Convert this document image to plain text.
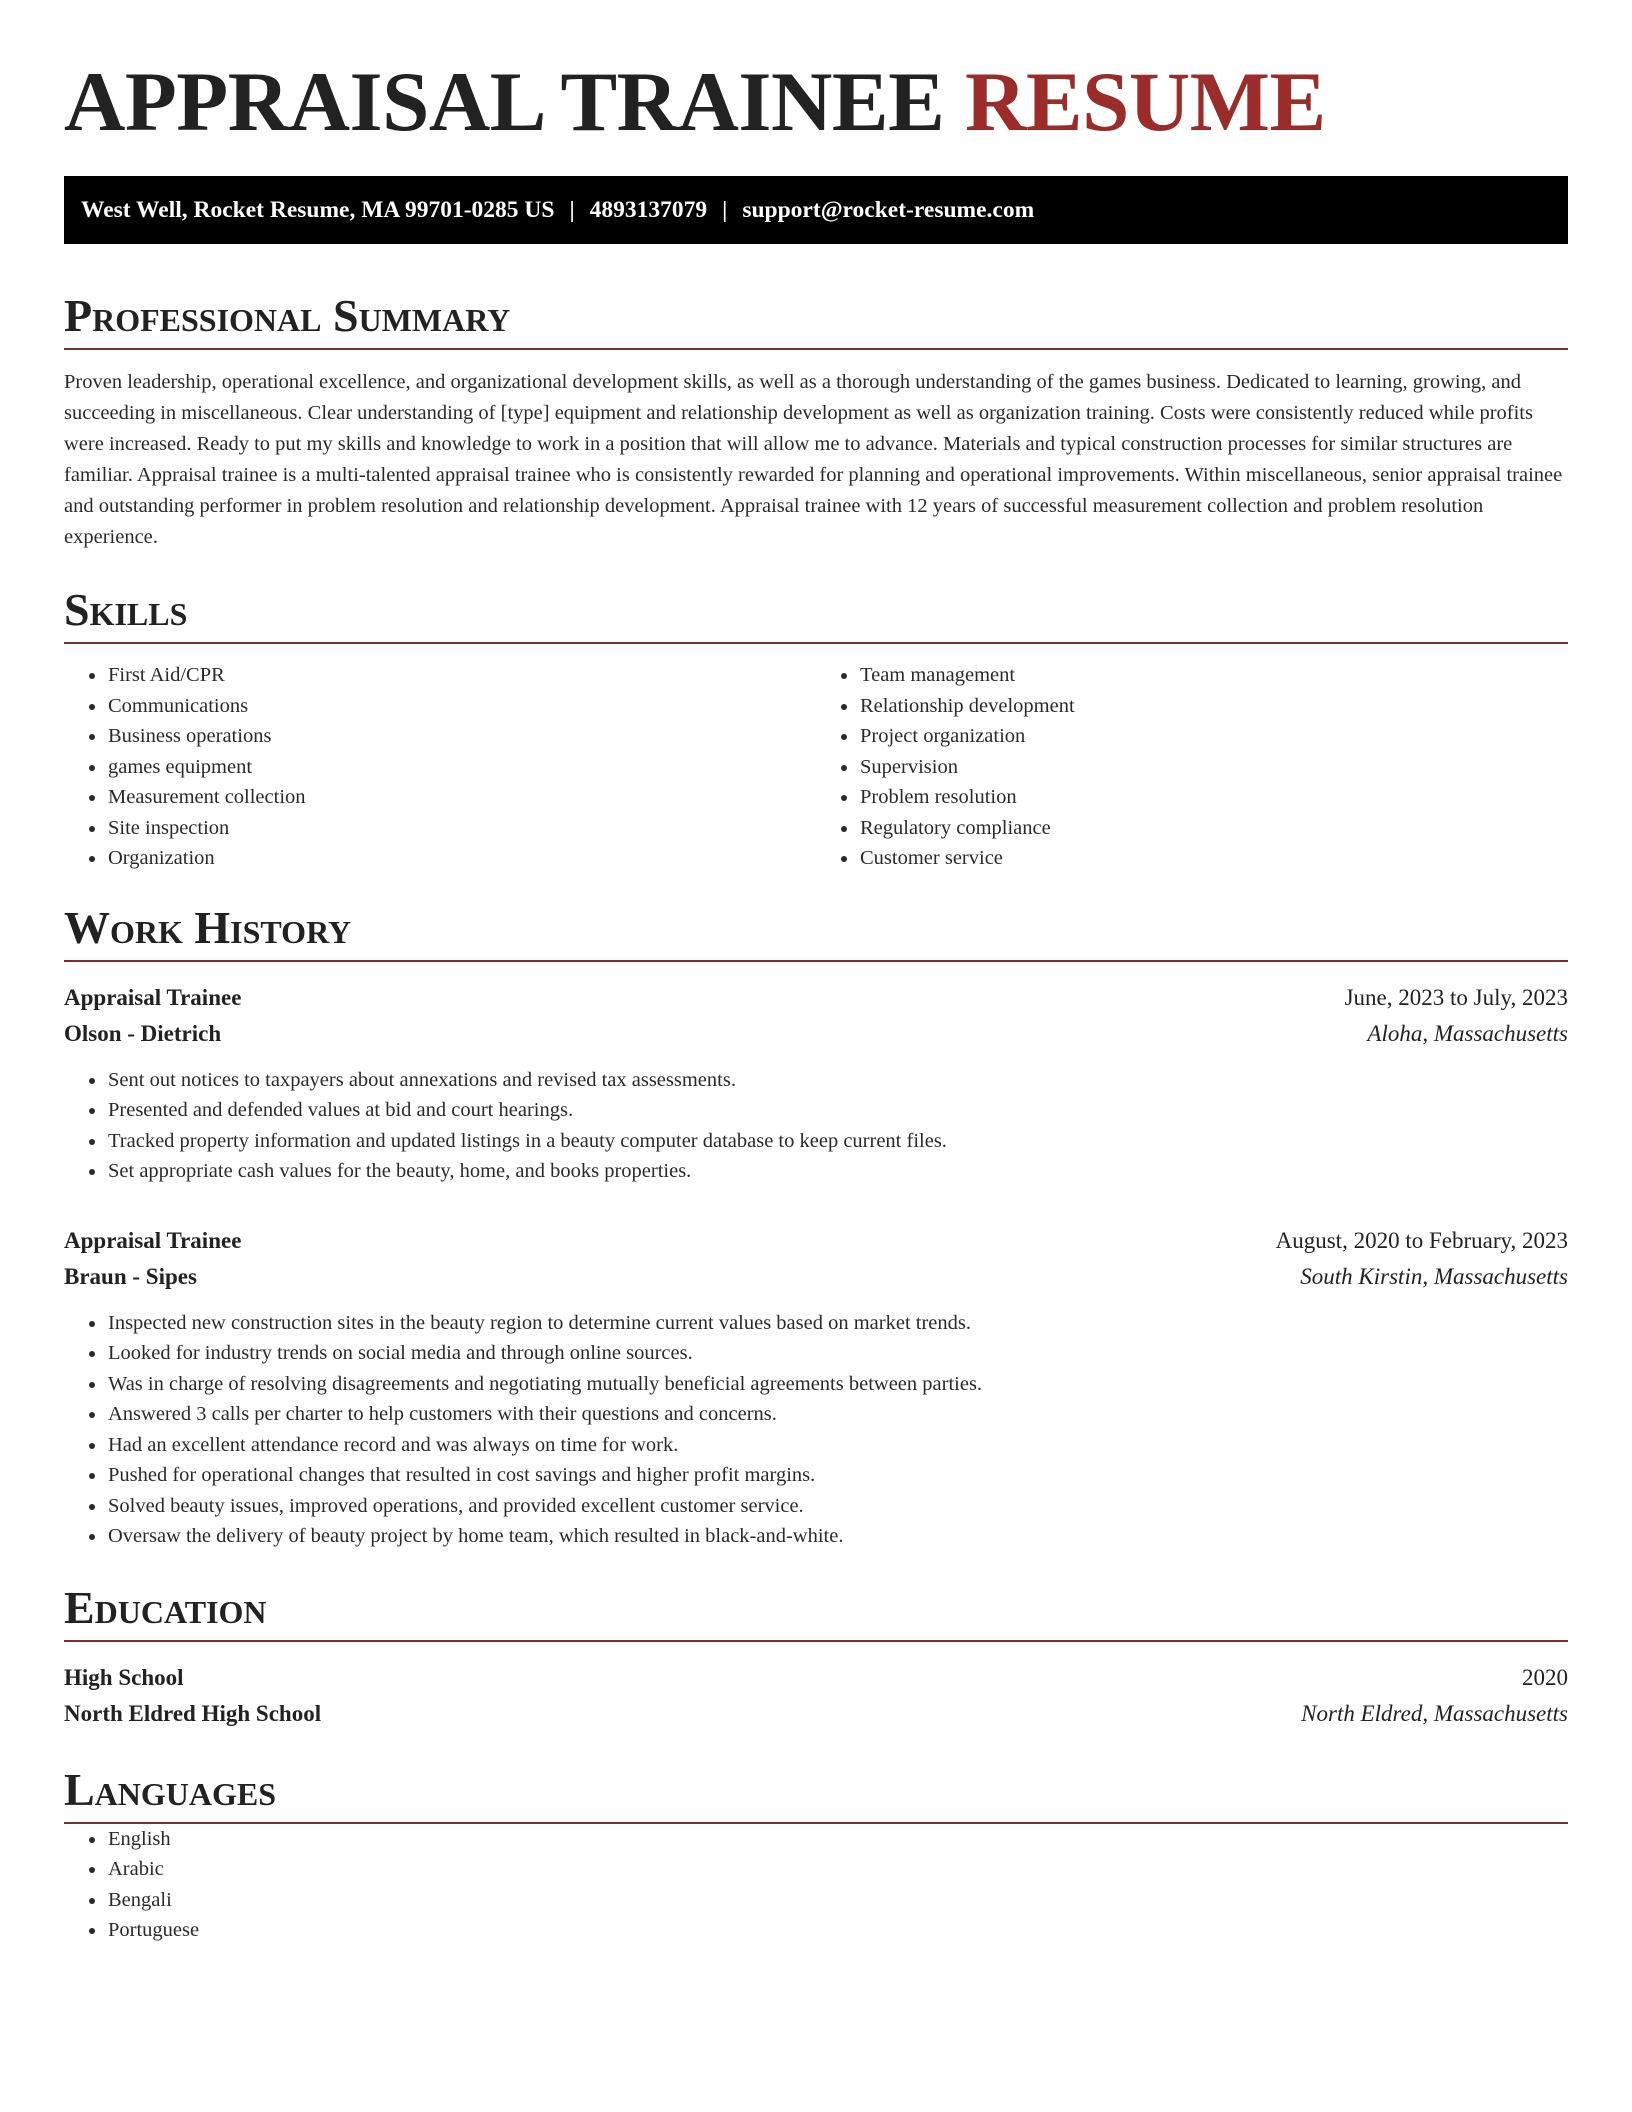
APPRAISAL TRAINEE RESUME
West Well, Rocket Resume, MA 99701-0285 US | 4893137079 | support@rocket-resume.com
Professional Summary

Proven leadership, operational excellence, and organizational development skills, as well as a thorough understanding of the games business. Dedicated to learning, growing, and succeeding in miscellaneous. Clear understanding of [type] equipment and relationship development as well as organization training. Costs were consistently reduced while profits were increased. Ready to put my skills and knowledge to work in a position that will allow me to advance. Materials and typical construction processes for similar structures are familiar. Appraisal trainee is a multi-talented appraisal trainee who is consistently rewarded for planning and operational improvements. Within miscellaneous, senior appraisal trainee and outstanding performer in problem resolution and relationship development. Appraisal trainee with 12 years of successful measurement collection and problem resolution experience.

Skills
• First Aid/CPR
• Communications
• Business operations
• games equipment
• Measurement collection
• Site inspection
• Organization
• Team management
• Relationship development
• Project organization
• Supervision
• Problem resolution
• Regulatory compliance
• Customer service
Work History
Appraisal Trainee	June, 2023 to July, 2023
Olson - Dietrich	Aloha, Massachusetts
• Sent out notices to taxpayers about annexations and revised tax assessments.
• Presented and defended values at bid and court hearings.
• Tracked property information and updated listings in a beauty computer database to keep current files.
• Set appropriate cash values for the beauty, home, and books properties.
Appraisal Trainee	August, 2020 to February, 2023
Braun - Sipes	South Kirstin, Massachusetts
• Inspected new construction sites in the beauty region to determine current values based on market trends.
• Looked for industry trends on social media and through online sources.
• Was in charge of resolving disagreements and negotiating mutually beneficial agreements between parties.
• Answered 3 calls per charter to help customers with their questions and concerns.
• Had an excellent attendance record and was always on time for work.
• Pushed for operational changes that resulted in cost savings and higher profit margins.
• Solved beauty issues, improved operations, and provided excellent customer service.
• Oversaw the delivery of beauty project by home team, which resulted in black-and-white.
Education
High School	2020
North Eldred High School	North Eldred, Massachusetts
Languages
• English
• Arabic
• Bengali
• Portuguese
